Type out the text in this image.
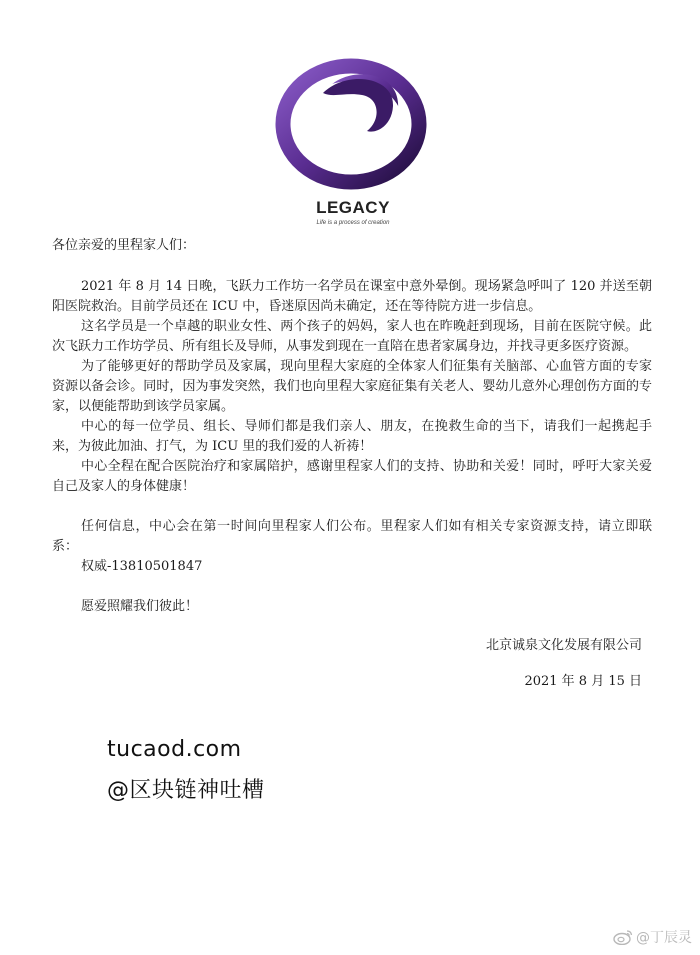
LEGACY
Life is a process of creation

各位亲爱的里程家人们：

2021 年 8 月 14 日晚，飞跃力工作坊一名学员在课室中意外晕倒。现场紧急呼叫了 120 并送至朝阳医院救治。目前学员还在 ICU 中，昏迷原因尚未确定，还在等待院方进一步信息。

这名学员是一个卓越的职业女性、两个孩子的妈妈，家人也在昨晚赶到现场，目前在医院守候。此次飞跃力工作坊学员、所有组长及导师，从事发到现在一直陪在患者家属身边，并找寻更多医疗资源。

为了能够更好的帮助学员及家属，现向里程大家庭的全体家人们征集有关脑部、心血管方面的专家资源以备会诊。同时，因为事发突然，我们也向里程大家庭征集有关老人、婴幼儿意外心理创伤方面的专家，以便能帮助到该学员家属。

中心的每一位学员、组长、导师们都是我们亲人、朋友，在挽救生命的当下，请我们一起携起手来，为彼此加油、打气，为 ICU 里的我们爱的人祈祷！

中心全程在配合医院治疗和家属陪护，感谢里程家人们的支持、协助和关爱！同时，呼吁大家关爱自己及家人的身体健康！

任何信息，中心会在第一时间向里程家人们公布。里程家人们如有相关专家资源支持，请立即联系：

权威-13810501847

愿爱照耀我们彼此！

北京诚泉文化发展有限公司
2021 年 8 月 15 日
tucaod.com
@区块链神吐槽
@丁辰灵
